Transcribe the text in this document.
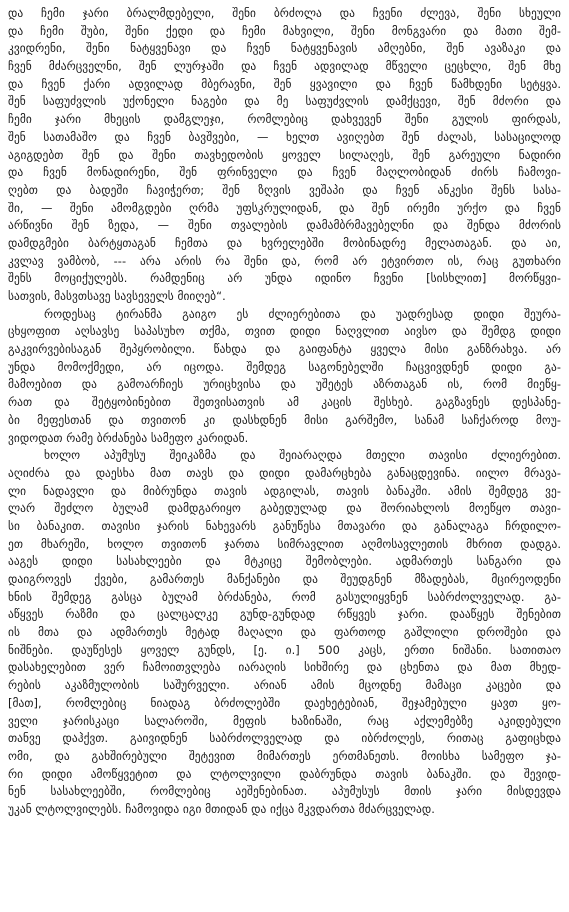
და ჩემი ჯარი ბრალმდებელი, შენი ბრძოლა და ჩვენი ძლევა, შენი სხეული
და ჩემი შუბი, შენი ქედი და ჩემი მახვილი, შენი მონგვარი და მათი შემ-
კვიდრენი, შენი ნატყვენავი და ჩვენ ნატყვენავის ამღებნი, შენ ავაზაკი და
ჩვენ მძარცველნი, შენ ლურჯაში და ჩვენ ადვილად მწველი ცეცხლი, შენ მხე
და ჩვენ ქარი ადვილად მბერავნი, შენ ყვავილი და ჩვენ წამხდენი სეტყვა.
შენ საფუძვლის უქონელი ნაგები და მე საფუძვლის დამქცევი, შენ მძორი და
ჩემი ჯარი მხეცის დამგლეჯი, რომლებიც დახვევენ შენი გულის ფირდას,
შენ სათამაშო და ჩვენ ბავშვები, — ხელთ ავიღებთ შენ ძალას, სასაცილოდ
აგიგდებთ შენ და შენი თავხედობის ყოველ სილაღეს, შენ გარეული ნადირი
და ჩვენ მონადირენი, შენ ფრინველი და ჩვენ მაღლობიდან ძირს ჩამოვი-
ღებთ და ბადეში ჩავიჭერთ; შენ ზღვის ვეშაპი და ჩვენ ანკესი შენს სასა-
ში, — შენი ამომგდები ღრმა უფსკრულიდან, და შენ ირემი ურქო და ჩვენ
არწივნი შენ ზედა, — შენი თვალების დამამბრმავებელნი და შენდა მძორის
დამდგმები ბარტყთაგან ჩემთა და ხვრელებში მობინადრე მელათაგან. და აი,
კვლავ ვამბობ, --- არა არის რა შენი და, რომ არ ეტვირთო ის, რაც გუთხარი
შენს მოციქულებს. რამდენიც არ უნდა იდინო ჩვენი [სისხლით] მორწყვი-
სათვის, მასვთსავე სავსეველს მიიღებ“.
როდესაც ტირანმა გაიგო ეს ძლიერებითა და უადრესად დიდი შეურა-
ცხყოფით აღსავსე საპასუხო თქმა, თვით დიდი ნაღვლით აივსო და შემდგ დიდი
გაკვირვებისაგან შეპყრობილი. წახდა და გაიფანტა ყველა მისი განზრახვა. არ
უნდა მომოქმედი, არ იცოდა. შემდეგ საგონებელში ჩაცვივდნენ დიდი გა-
მამოებით და გამოარჩიეს ურიცხვისა და უშეტეს აზრთაგან ის, რომ მიეწყ-
რათ და შეტყობინებით შეთვისათვის ამ კაცის შესხებ. გაგზავნეს დესპანე-
ბი მეფესთან და თვითონ კი დასხდნენ მისი გარშემო, სანამ საჩქაროდ მოუ-
ვიდოდათ რამე ბრძანება სამეფო კარიდან.
ხოლო აპუმუსუ შეიკაზმა და შეიარაღდა მთელი თავისი ძლიერებით.
აღიძრა და დაესხა მათ თავს და დიდი დამარცხება განაცდევინა. იილო მრავა-
ლი ნადავლი და მიბრუნდა თავის ადგილას, თავის ბანაკში. ამის შემდეგ ვე-
ლარ შეძლო ბულამ დამდგარიყო გაბედულად და შორიახლოს მოეწყო თავი-
სი ბანაკით. თავისი ჯარის ნახევარს განუწესა მთავარი და განალაგა ჩრდილო-
ეთ მხარეში, ხოლო თვითონ ჯართა სიმრავლით აღმოსავლეთის მხრით დადგა.
ააგეს დიდი სასახლეები და მტკიცე შემობლები. ადმართეს სანგარი და
დაიგროვეს ქვები, გამართეს მანქანები და შეუდგნენ მზადებას, მცირეოდენი
ხნის შემდეგ გასცა ბულამ ბრძანება, რომ გასულიყვნენ საბრძოლველად. გა-
აწყვეს რაზმი და ცალცალკე გუნდ-გუნდად რწყვეს ჯარი. დააწყეს შენებით
ის მთა და ადმართეს მეტად მაღალი და ფართოდ გაშლილი დროშები და
ნიშნები. დაუწესეს ყოველ გუნდს, [ე. ი.] 500 კაცს, ერთი ნიშანი. სათითაო
დასახელებით ვერ ჩამოითვლება იარაღის სიხშირე და ცხენთა და მათ მხედ-
რების აკაზმულობის საშურველი. არიან ამის მცოდნე მამაცი კაცები და
[მათ], რომლებიც ნიადაგ ბრძოლებში დაეხეტებიან, შეჯამებული ყავთ ყო-
ველი ჯარისკაცი სალაროში, მეფის ხაზინაში, რაც აქლემებზე აკიდებული
თანვე დაჰქვთ. გაივიდნენ საბრძოლველად და იბრძოლეს, რითაც გაფიცხდა
ომი, და გახშირებული შეტევით მიმართეს ერთმანეთს. მოისხა სამეფო ჯა-
რი დიდი ამოწყვეტით და ლტოლვილი დაბრუნდა თავის ბანაკში. და შევიდ-
ნენ სასახლეებში, რომლებიც აეშენებინათ. აპუმუსუს მთის ჯარი მისდევდა
უკან ლტოლვილებს. ჩამოვიდა იგი მთიდან და იქცა მკვდართა მძარცველად.
